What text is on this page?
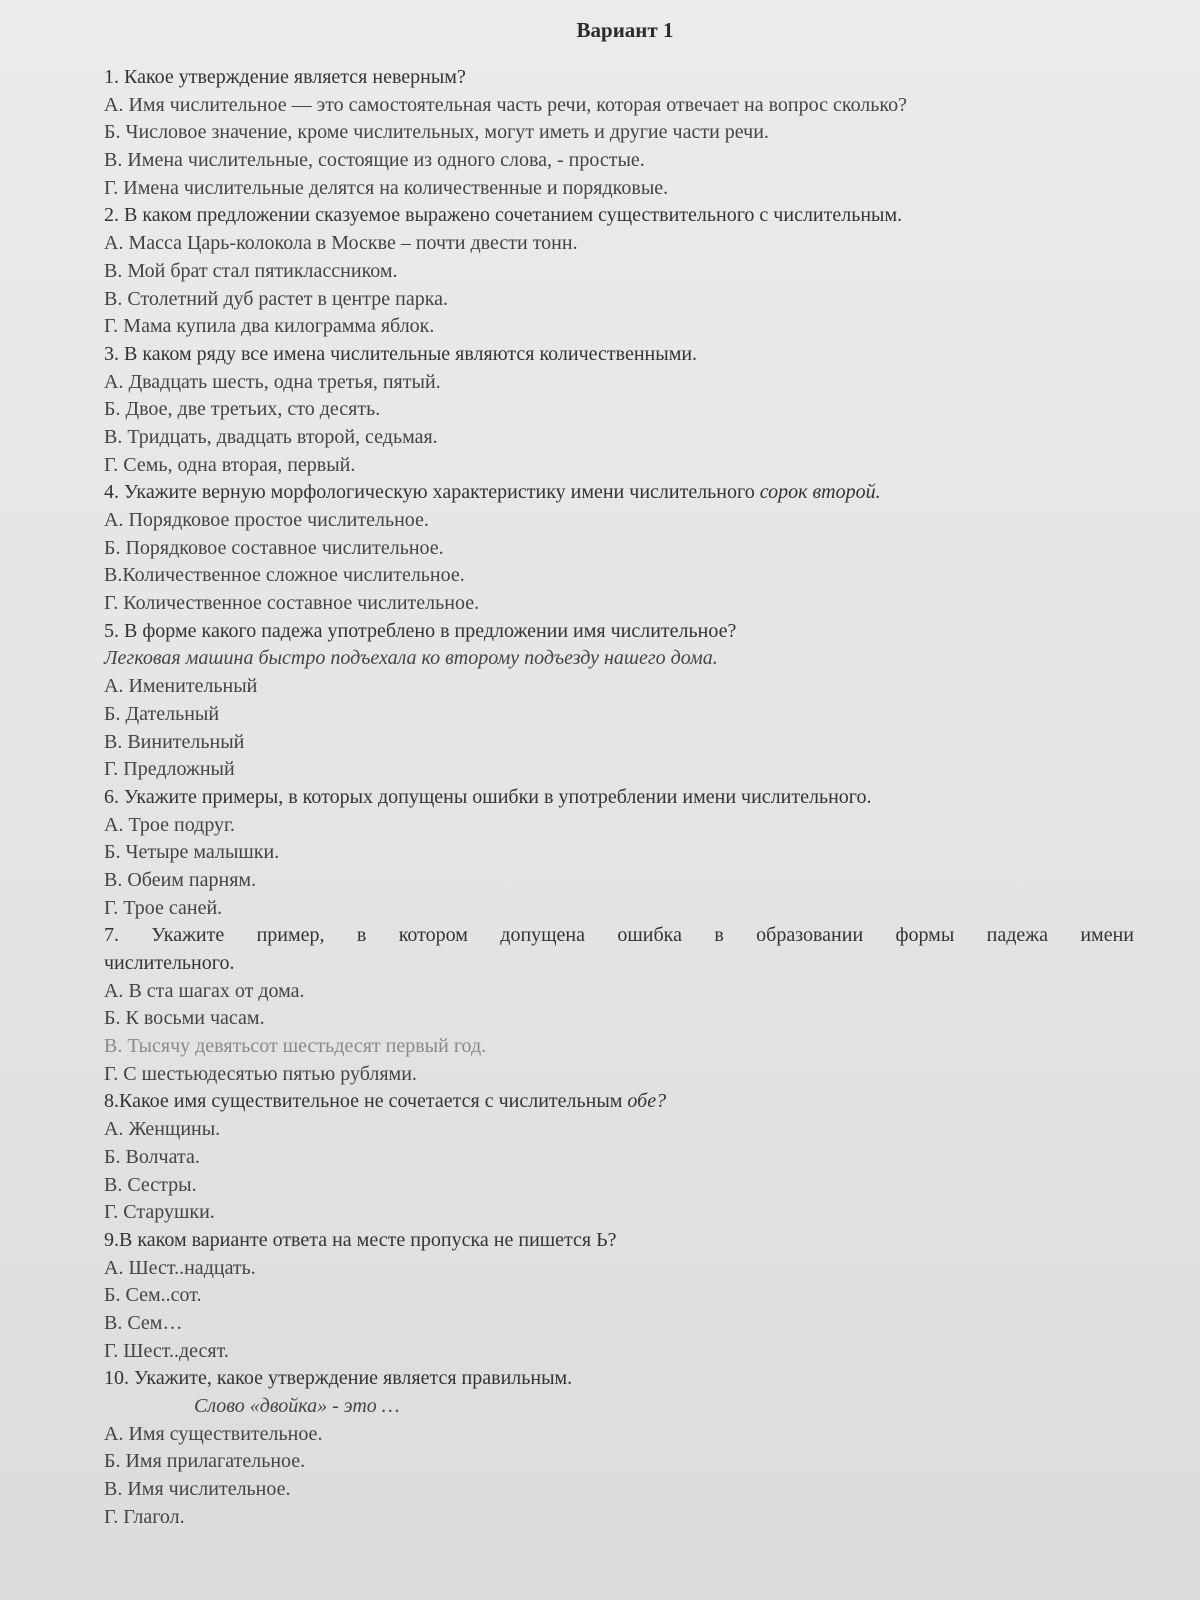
Вариант 1
1. Какое утверждение является неверным?
А. Имя числительное — это самостоятельная часть речи, которая отвечает на вопрос сколько?
Б. Числовое значение, кроме числительных, могут иметь и другие части речи.
В. Имена числительные, состоящие из одного слова, - простые.
Г. Имена числительные делятся на количественные и порядковые.
2. В каком предложении сказуемое выражено сочетанием существительного с числительным.
А. Масса Царь-колокола в Москве – почти двести тонн.
В. Мой брат стал пятиклассником.
В. Столетний дуб растет в центре парка.
Г. Мама купила два килограмма яблок.
3. В каком ряду все имена числительные являются количественными.
А. Двадцать шесть, одна третья, пятый.
Б. Двое, две третьих, сто десять.
В. Тридцать, двадцать второй, седьмая.
Г. Семь, одна вторая, первый.
4. Укажите верную морфологическую характеристику имени числительного сорок второй.
А. Порядковое простое числительное.
Б. Порядковое составное числительное.
В.Количественное сложное числительное.
Г. Количественное составное числительное.
5. В форме какого падежа употреблено в предложении имя числительное?
Легковая машина быстро подъехала ко второму подъезду нашего дома.
А. Именительный
Б. Дательный
В. Винительный
Г. Предложный
6. Укажите примеры, в которых допущены ошибки в употреблении имени числительного.
А. Трое подруг.
Б. Четыре малышки.
В. Обеим парням.
Г. Трое саней.
7. Укажите пример, в котором допущена ошибка в образовании формы падежа имени
числительного.
А. В ста шагах от дома.
Б. К восьми часам.
В. Тысячу девятьсот шестьдесят первый год.
Г. С шестьюдесятью пятью рублями.
8.Какое имя существительное не сочетается с числительным обе?
А. Женщины.
Б. Волчата.
В. Сестры.
Г. Старушки.
9.В каком варианте ответа на месте пропуска не пишется Ь?
А. Шест..надцать.
Б. Сем..сот.
В. Сем…
Г. Шест..десят.
10. Укажите, какое утверждение является правильным.
Слово «двойка» - это …
А. Имя существительное.
Б. Имя прилагательное.
В. Имя числительное.
Г. Глагол.
